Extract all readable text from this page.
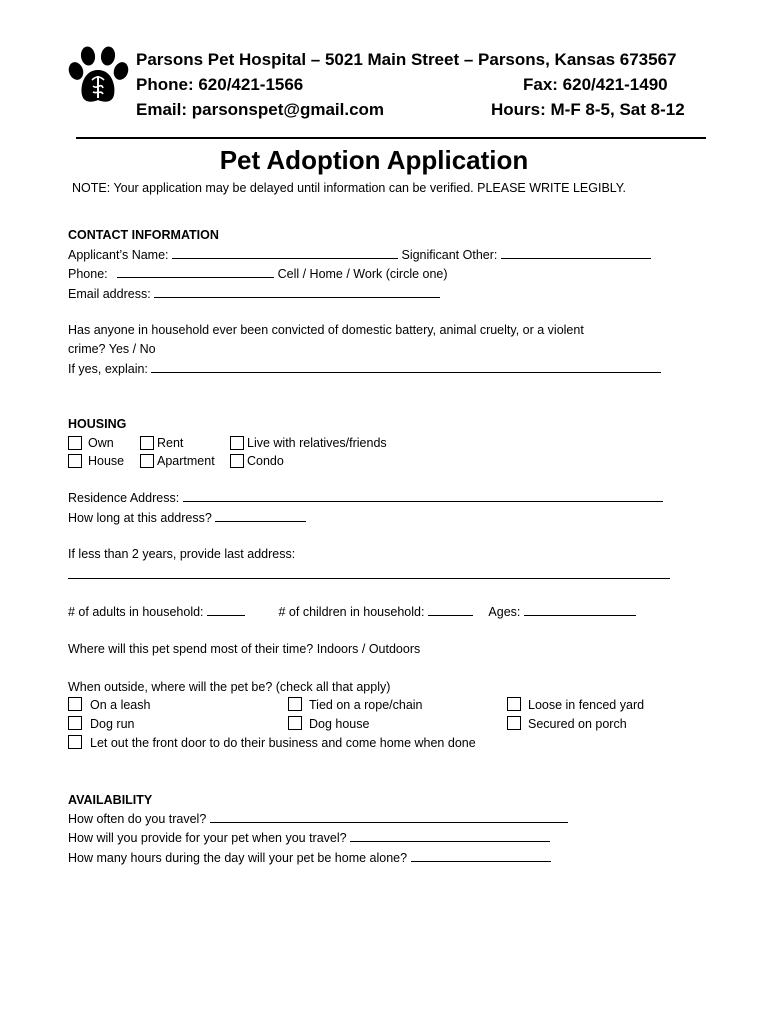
Parsons Pet Hospital – 5021 Main Street – Parsons, Kansas 673567
Phone: 620/421-1566	Fax: 620/421-1490
Email: parsonspet@gmail.com	Hours: M-F 8-5, Sat 8-12
Pet Adoption Application
NOTE: Your application may be delayed until information can be verified. PLEASE WRITE LEGIBLY.
CONTACT INFORMATION
Applicant’s Name:	Significant Other:
Phone:	Cell / Home / Work (circle one)
Email address:
Has anyone in household ever been convicted of domestic battery, animal cruelty, or a violent
crime? Yes / No
If yes, explain:
HOUSING
Own	Rent	Live with relatives/friends
House	Apartment	Condo
Residence Address:
How long at this address?
If less than 2 years, provide last address:
# of adults in household:	# of children in household:	Ages:
Where will this pet spend most of their time? Indoors / Outdoors
When outside, where will the pet be? (check all that apply)
On a leash	Tied on a rope/chain	Loose in fenced yard
Dog run	Dog house	Secured on porch
Let out the front door to do their business and come home when done
AVAILABILITY
How often do you travel?
How will you provide for your pet when you travel?
How many hours during the day will your pet be home alone?
